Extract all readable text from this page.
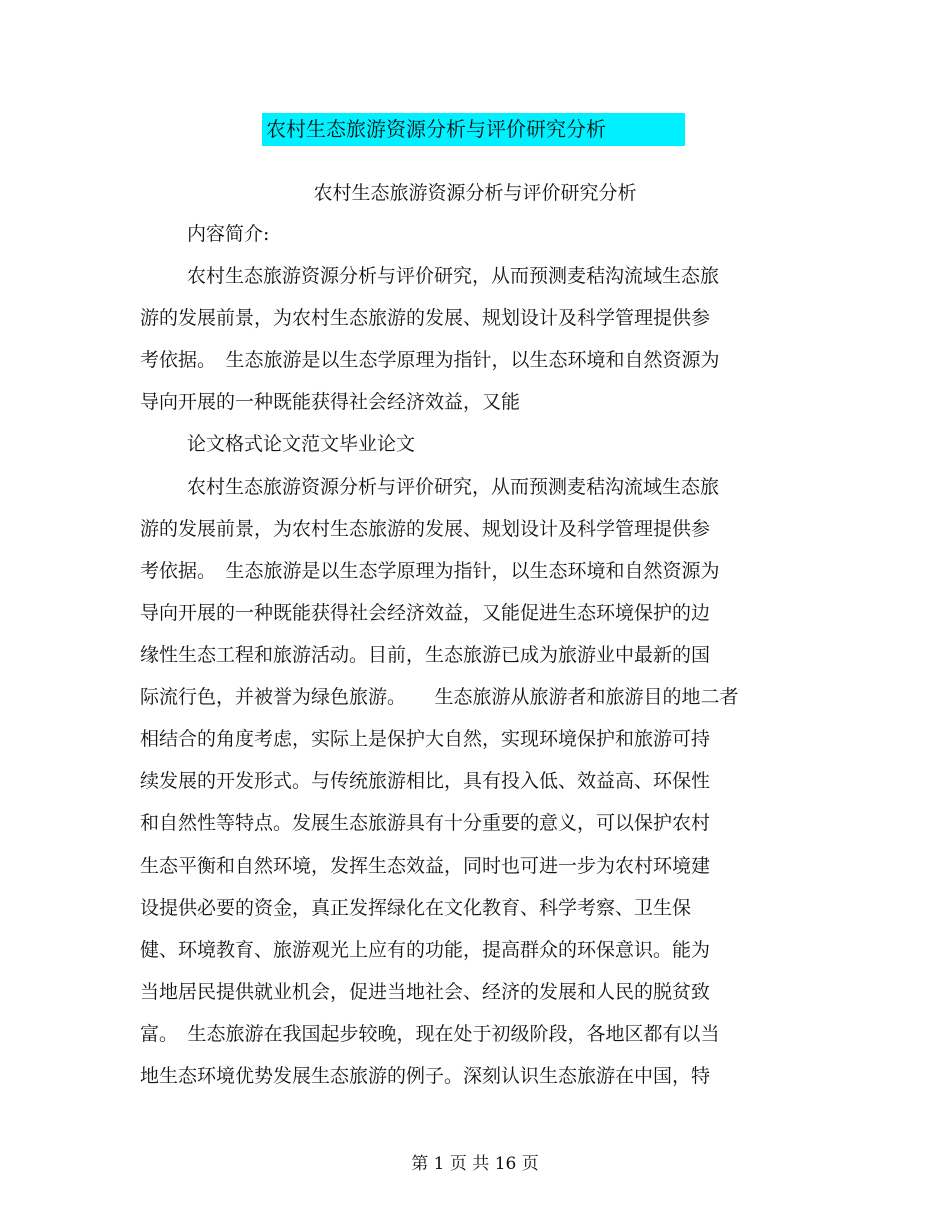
农村生态旅游资源分析与评价研究分析
农村生态旅游资源分析与评价研究分析
内容简介:
农村生态旅游资源分析与评价研究，从而预测麦秸沟流域生态旅
游的发展前景，为农村生态旅游的发展、规划设计及科学管理提供参
考依据。　生态旅游是以生态学原理为指针，以生态环境和自然资源为
导向开展的一种既能获得社会经济效益，又能
论文格式论文范文毕业论文
农村生态旅游资源分析与评价研究，从而预测麦秸沟流域生态旅
游的发展前景，为农村生态旅游的发展、规划设计及科学管理提供参
考依据。　生态旅游是以生态学原理为指针，以生态环境和自然资源为
导向开展的一种既能获得社会经济效益，又能促进生态环境保护的边
缘性生态工程和旅游活动。目前，生态旅游已成为旅游业中最新的国
际流行色，并被誉为绿色旅游。　　生态旅游从旅游者和旅游目的地二者
相结合的角度考虑，实际上是保护大自然，实现环境保护和旅游可持
续发展的开发形式。与传统旅游相比，具有投入低、效益高、环保性
和自然性等特点。发展生态旅游具有十分重要的意义，可以保护农村
生态平衡和自然环境，发挥生态效益，同时也可进一步为农村环境建
设提供必要的资金，真正发挥绿化在文化教育、科学考察、卫生保
健、环境教育、旅游观光上应有的功能，提高群众的环保意识。能为
当地居民提供就业机会，促进当地社会、经济的发展和人民的脱贫致
富。　生态旅游在我国起步较晚，现在处于初级阶段，各地区都有以当
地生态环境优势发展生态旅游的例子。深刻认识生态旅游在中国，特
第 1 页 共 16 页
